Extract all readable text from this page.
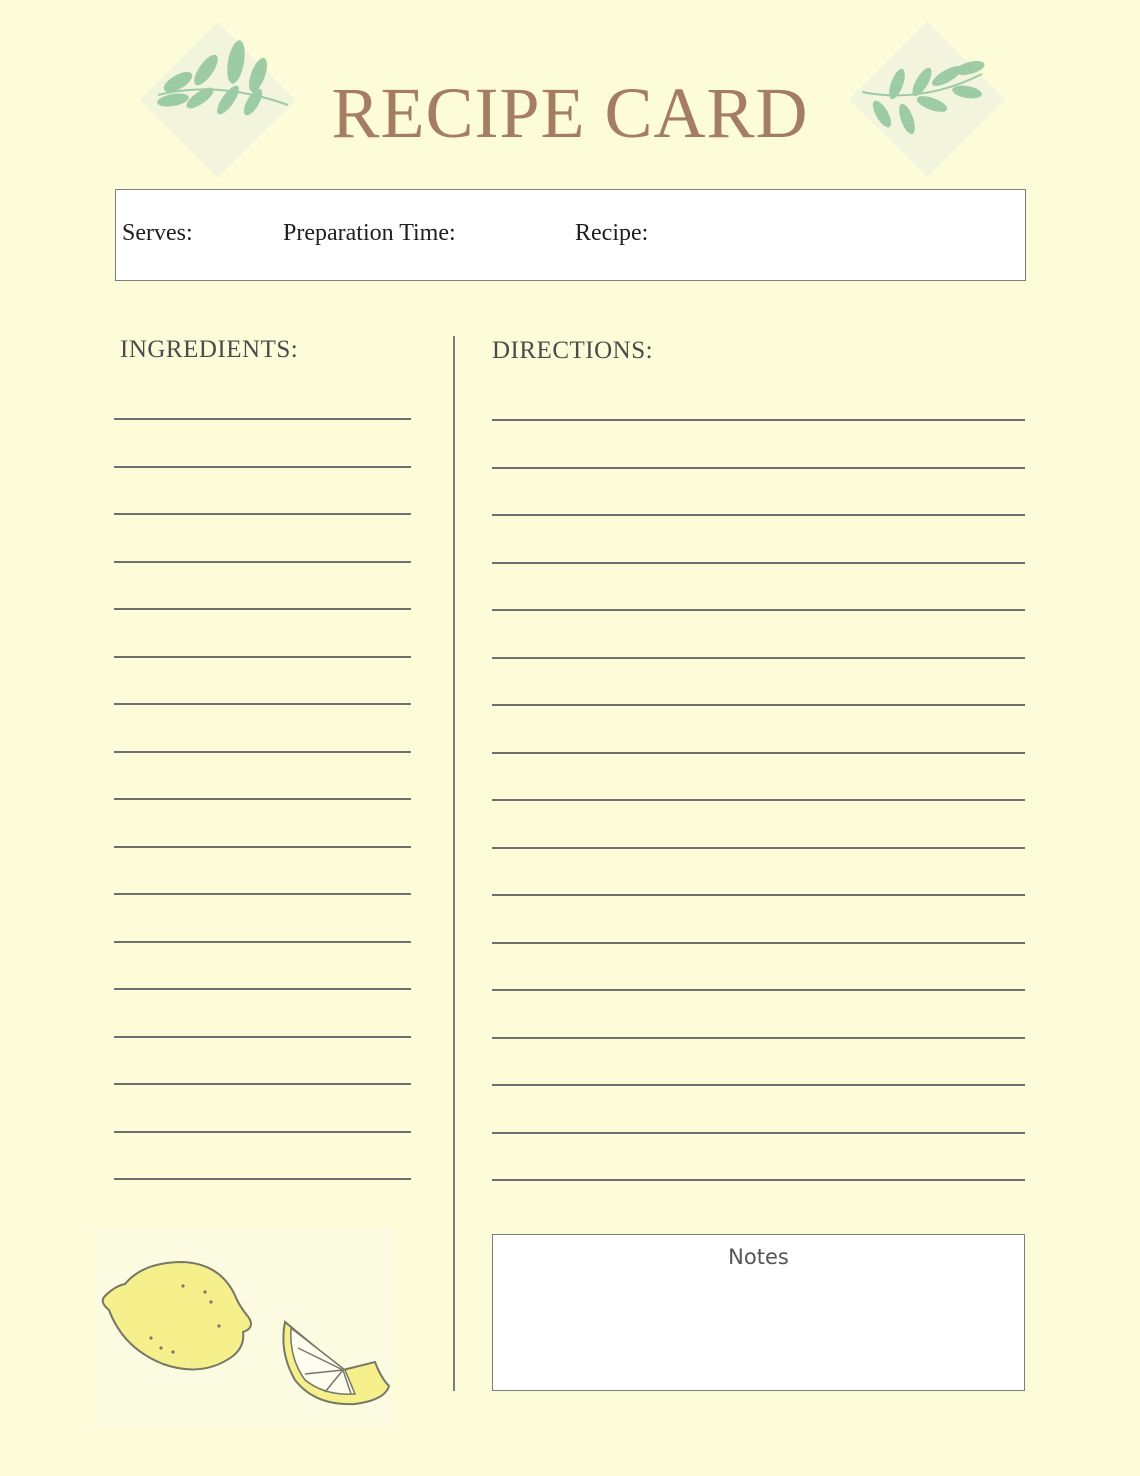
RECIPE CARD
Serves:	Preparation Time:	Recipe:
INGREDIENTS:	DIRECTIONS:
Notes
